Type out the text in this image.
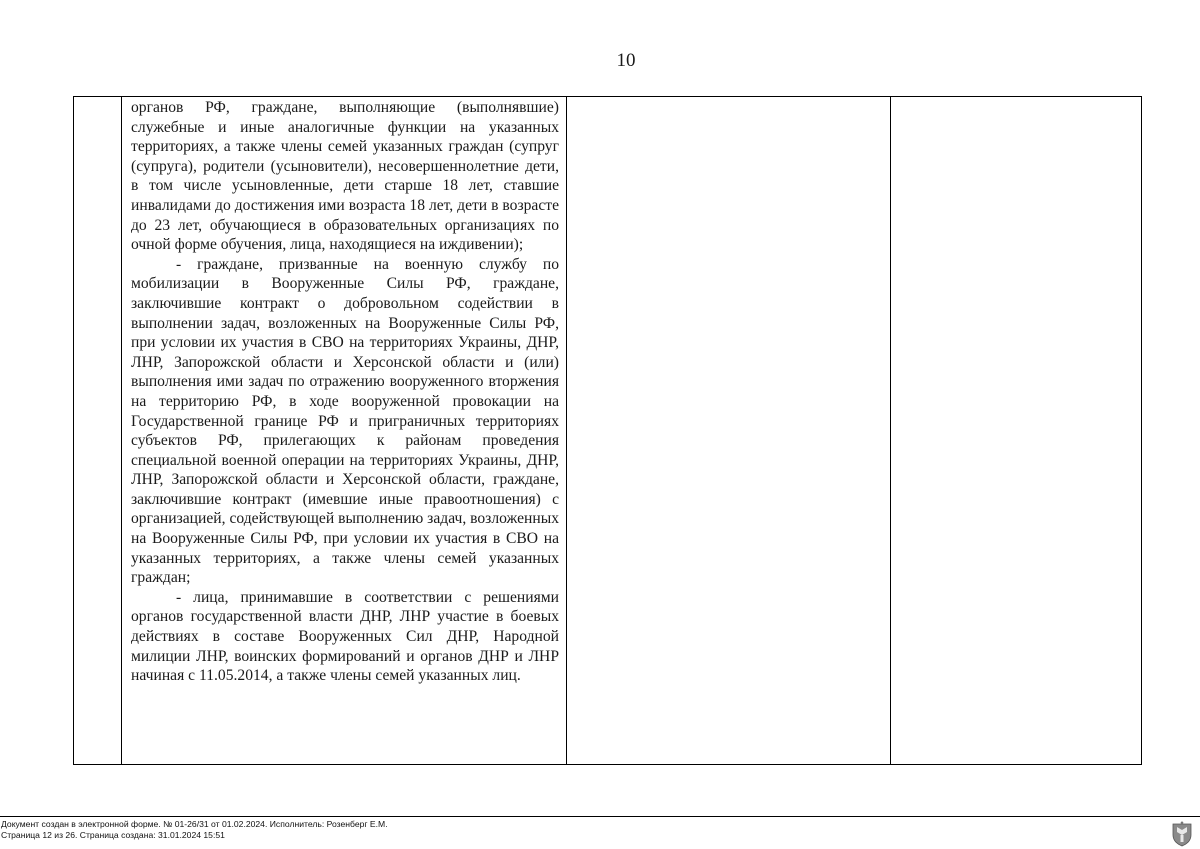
10

органов РФ, граждане, выполняющие (выполнявшие) служебные и иные аналогичные функции на указанных территориях, а также члены семей указанных граждан (супруг (супруга), родители (усыновители), несовершеннолетние дети, в том числе усыновленные, дети старше 18 лет, ставшие инвалидами до достижения ими возраста 18 лет, дети в возрасте до 23 лет, обучающиеся в образовательных организациях по очной форме обучения, лица, находящиеся на иждивении);

- граждане, призванные на военную службу по мобилизации в Вооруженные Силы РФ, граждане, заключившие контракт о добровольном содействии в выполнении задач, возложенных на Вооруженные Силы РФ, при условии их участия в СВО на территориях Украины, ДНР, ЛНР, Запорожской области и Херсонской области и (или) выполнения ими задач по отражению вооруженного вторжения на территорию РФ, в ходе вооруженной провокации на Государственной границе РФ и приграничных территориях субъектов РФ, прилегающих к районам проведения специальной военной операции на территориях Украины, ДНР, ЛНР, Запорожской области и Херсонской области, граждане, заключившие контракт (имевшие иные правоотношения) с организацией, содействующей выполнению задач, возложенных на Вооруженные Силы РФ, при условии их участия в СВО на указанных территориях, а также члены семей указанных граждан;

- лица, принимавшие в соответствии с решениями органов государственной власти ДНР, ЛНР участие в боевых действиях в составе Вооруженных Сил ДНР, Народной милиции ЛНР, воинских формирований и органов ДНР и ЛНР начиная с 11.05.2014, а также члены семей указанных лиц.

Документ создан в электронной форме. № 01-26/31 от 01.02.2024. Исполнитель: Розенберг Е.М.
Страница 12 из 26. Страница создана: 31.01.2024 15:51
